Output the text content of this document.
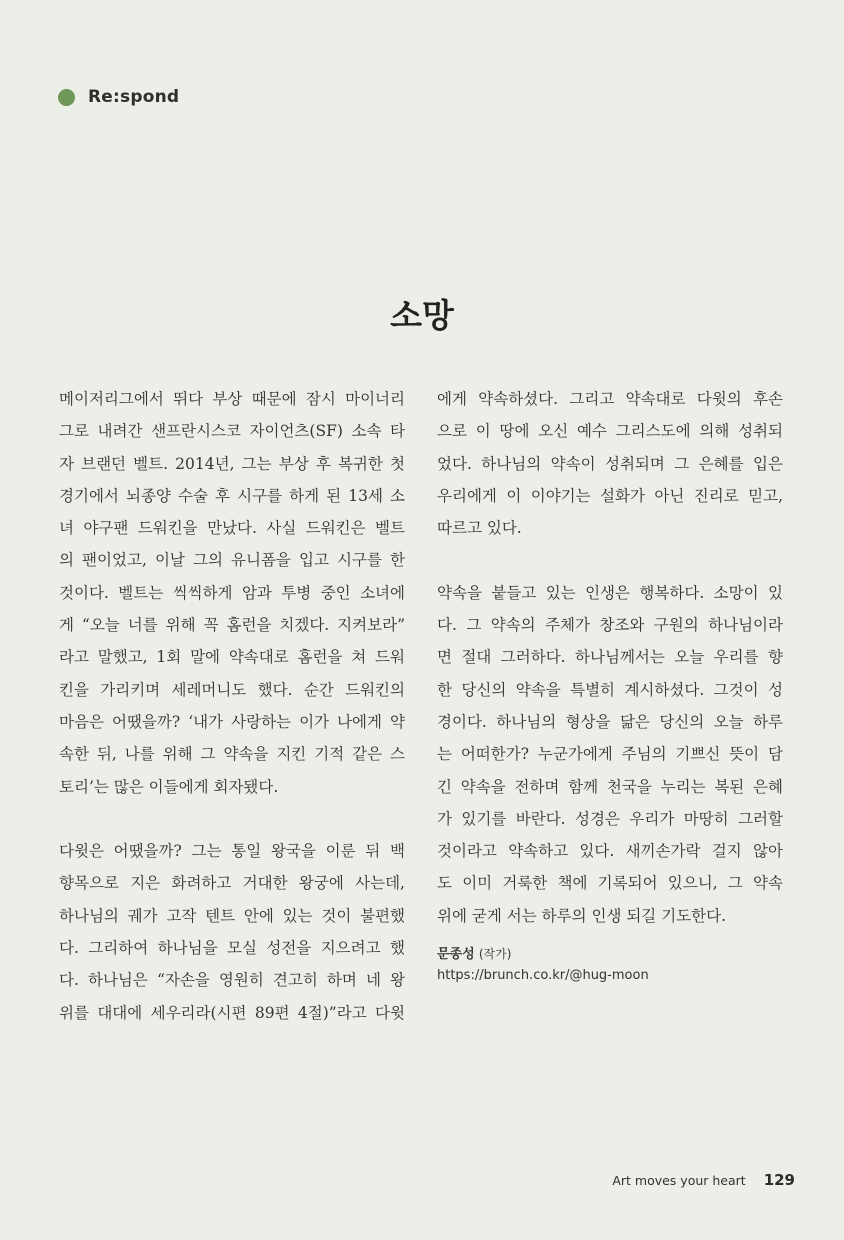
Re:spond
소망

메이저리그에서 뛰다 부상 때문에 잠시 마이너리
그로 내려간 샌프란시스코 자이언츠(SF) 소속 타
자 브랜던 벨트. 2014년, 그는 부상 후 복귀한 첫
경기에서 뇌종양 수술 후 시구를 하게 된 13세 소
녀 야구팬 드워킨을 만났다. 사실 드워킨은 벨트
의 팬이었고, 이날 그의 유니폼을 입고 시구를 한
것이다. 벨트는 씩씩하게 암과 투병 중인 소녀에
게 “오늘 너를 위해 꼭 홈런을 치겠다. 지켜보라”
라고 말했고, 1회 말에 약속대로 홈런을 쳐 드워
킨을 가리키며 세레머니도 했다. 순간 드워킨의
마음은 어땠을까? ‘내가 사랑하는 이가 나에게 약
속한 뒤, 나를 위해 그 약속을 지킨 기적 같은 스
토리’는 많은 이들에게 회자됐다.

다윗은 어땠을까? 그는 통일 왕국을 이룬 뒤 백
향목으로 지은 화려하고 거대한 왕궁에 사는데,
하나님의 궤가 고작 텐트 안에 있는 것이 불편했
다. 그리하여 하나님을 모실 성전을 지으려고 했
다. 하나님은 “자손을 영원히 견고히 하며 네 왕
위를 대대에 세우리라(시편 89편 4절)”라고 다윗

에게 약속하셨다. 그리고 약속대로 다윗의 후손
으로 이 땅에 오신 예수 그리스도에 의해 성취되
었다. 하나님의 약속이 성취되며 그 은혜를 입은
우리에게 이 이야기는 설화가 아닌 진리로 믿고,
따르고 있다.

약속을 붙들고 있는 인생은 행복하다. 소망이 있
다. 그 약속의 주체가 창조와 구원의 하나님이라
면 절대 그러하다. 하나님께서는 오늘 우리를 향
한 당신의 약속을 특별히 계시하셨다. 그것이 성
경이다. 하나님의 형상을 닮은 당신의 오늘 하루
는 어떠한가? 누군가에게 주님의 기쁘신 뜻이 담
긴 약속을 전하며 함께 천국을 누리는 복된 은혜
가 있기를 바란다. 성경은 우리가 마땅히 그러할
것이라고 약속하고 있다. 새끼손가락 걸지 않아
도 이미 거룩한 책에 기록되어 있으니, 그 약속
위에 굳게 서는 하루의 인생 되길 기도한다.

문종성 (작가)
https://brunch.co.kr/@hug-moon
Art moves your heart 129
